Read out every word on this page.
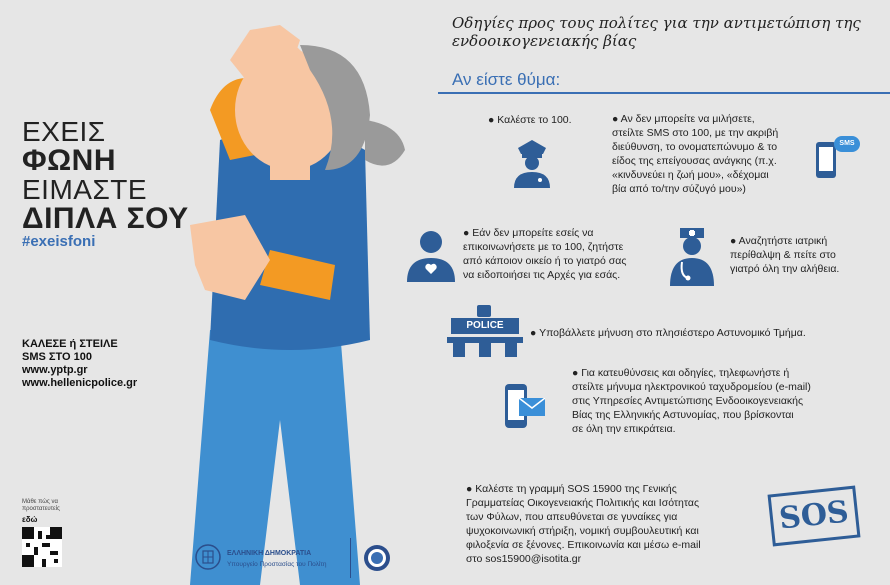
ΕΧΕΙΣ
ΦΩΝΗ
ΕΙΜΑΣΤΕ
ΔΙΠΛΑ ΣΟΥ
#exeisfoni
ΚΑΛΕΣΕ ή ΣΤΕΙΛΕ
SMS ΣΤΟ 100
www.yptp.gr
www.hellenicpolice.gr
Μάθε πώς να προστατευτείς
εδώ
ΕΛΛΗΝΙΚΗ ΔΗΜΟΚΡΑΤΙΑ
Υπουργείο Προστασίας του Πολίτη
Οδηγίες προς τους πολίτες για την αντιμετώπιση της ενδοοικογενειακής βίας
Αν είστε θύμα:
● Καλέστε το 100.	● Αν δεν μπορείτε να μιλήσετε,
στείλτε SMS στο 100, με την ακριβή
διεύθυνση, το ονοματεπώνυμο & το
είδος της επείγουσας ανάγκης (π.χ.
«κινδυνεύει η ζωή μου», «δέχομαι
βία από το/την σύζυγό μου»)
SMS
● Εάν δεν μπορείτε εσείς να
επικοινωνήσετε με το 100, ζητήστε
από κάποιον οικείο ή το γιατρό σας
να ειδοποιήσει τις Αρχές για εσάς.
● Αναζητήστε ιατρική
περίθαλψη & πείτε στο
γιατρό όλη την αλήθεια.
POLICE
● Υποβάλλετε μήνυση στο πλησιέστερο Αστυνομικό Τμήμα.
● Για κατευθύνσεις και οδηγίες, τηλεφωνήστε ή
στείλτε μήνυμα ηλεκτρονικού ταχυδρομείου (e-mail)
στις Υπηρεσίες Αντιμετώπισης Ενδοοικογενειακής
Βίας της Ελληνικής Αστυνομίας, που βρίσκονται
σε όλη την επικράτεια.
● Καλέστε τη γραμμή SOS 15900 της Γενικής
Γραμματείας Οικογενειακής Πολιτικής και Ισότητας
των Φύλων, που απευθύνεται σε γυναίκες για
ψυχοκοινωνική στήριξη, νομική συμβουλευτική και
φιλοξενία σε ξένονες. Επικοινωνία και μέσω e-mail
στο sos15900@isotita.gr
SOS
